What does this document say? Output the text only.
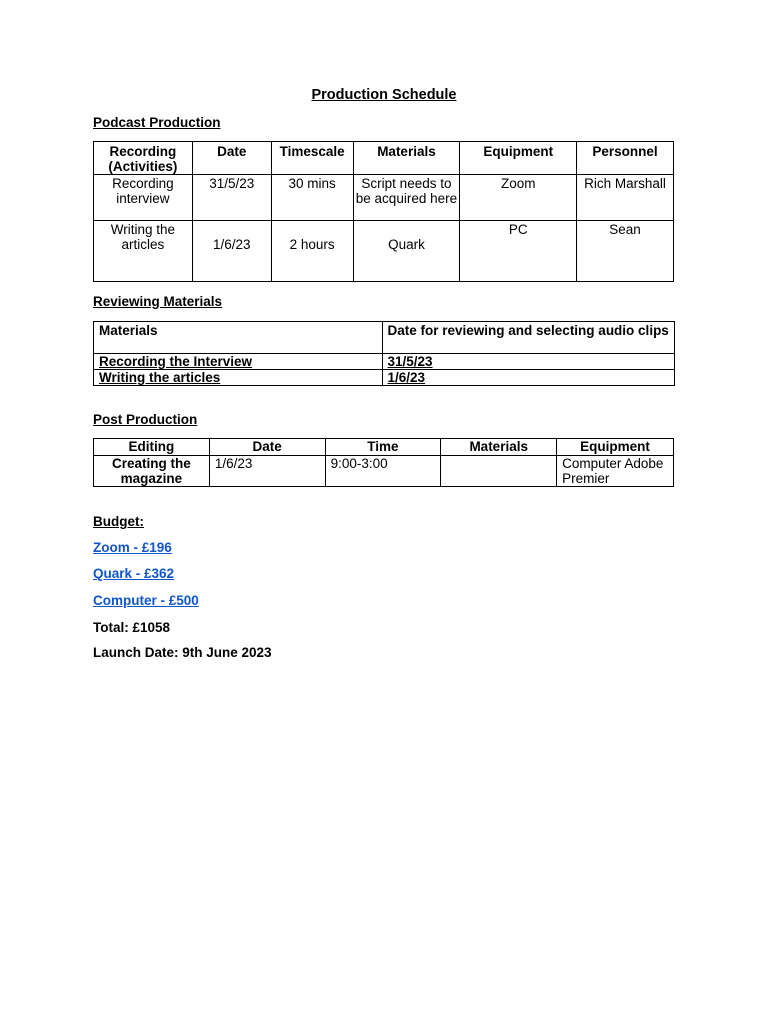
Production Schedule

Podcast Production

Recording (Activities)	Date	Timescale	Materials	Equipment	Personnel
Recording interview	31/5/23	30 mins	Script needs to be acquired here	Zoom	Rich Marshall
Writing the articles	1/6/23	2 hours	Quark	PC	Sean

Reviewing Materials

Materials	Date for reviewing and selecting audio clips
Recording the Interview	31/5/23
Writing the articles	1/6/23

Post Production

Editing	Date	Time	Materials	Equipment
Creating the magazine	1/6/23	9:00-3:00		Computer Adobe Premier

Budget:

Zoom - £196

Quark - £362

Computer - £500

Total: £1058

Launch Date: 9th June 2023
